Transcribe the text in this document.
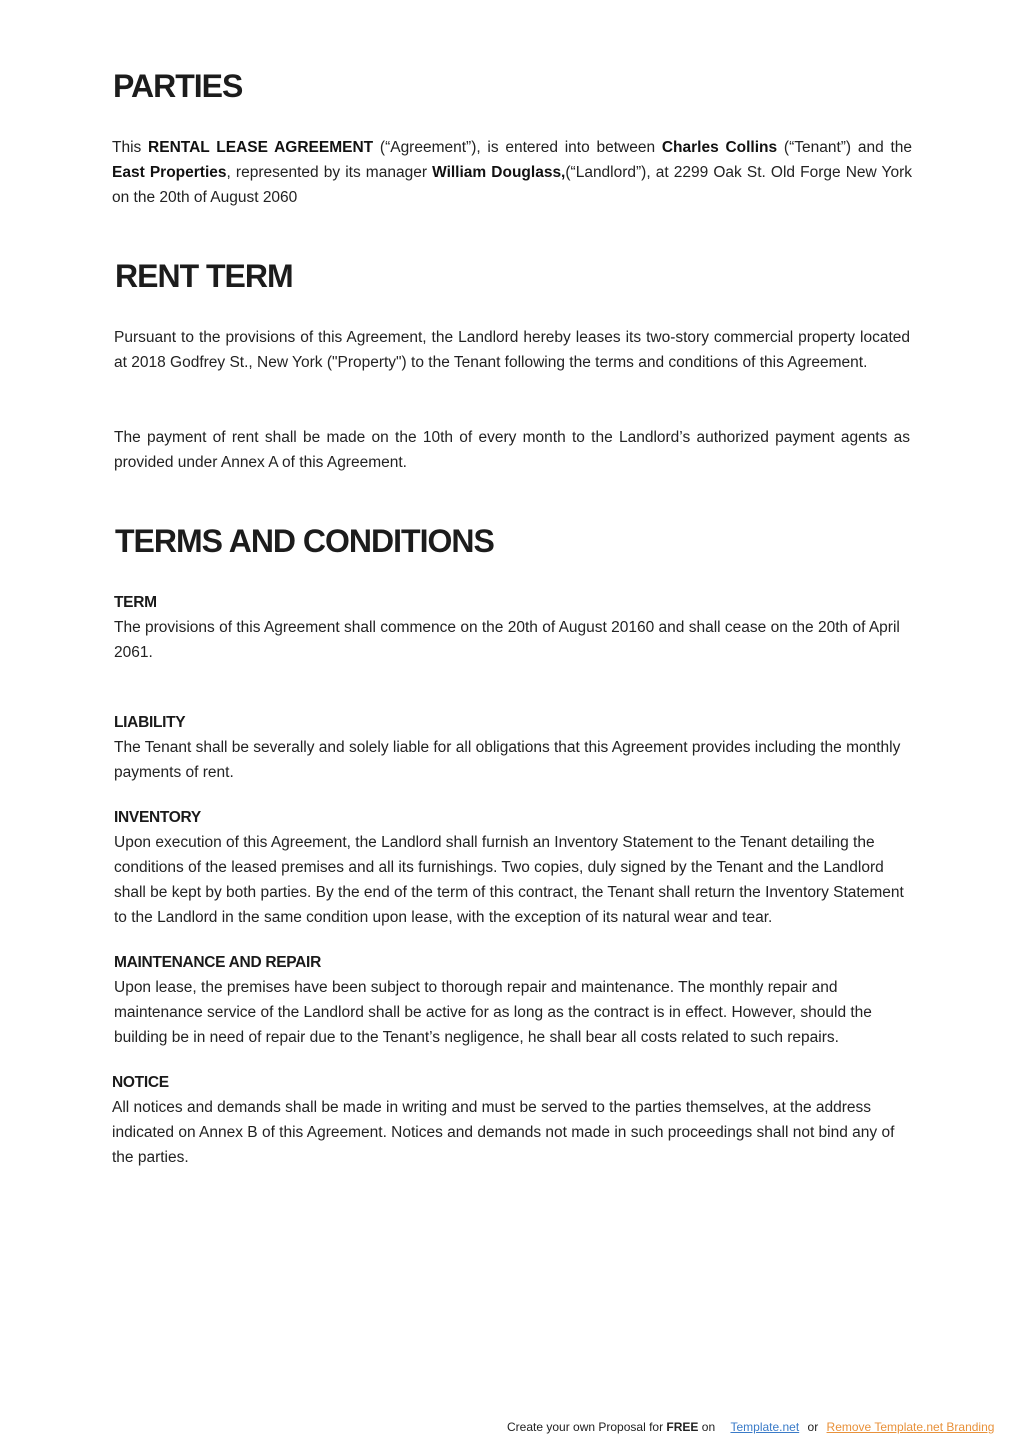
PARTIES

This RENTAL LEASE AGREEMENT (“Agreement”), is entered into between Charles Collins (“Tenant”) and the East Properties, represented by its manager William Douglass,(“Landlord”), at 2299 Oak St. Old Forge New York on the 20th of August 2060

RENT TERM

Pursuant to the provisions of this Agreement, the Landlord hereby leases its two-story commercial property located at 2018 Godfrey St., New York ("Property") to the Tenant following the terms and conditions of this Agreement.

The payment of rent shall be made on the 10th of every month to the Landlord’s authorized payment agents as provided under Annex A of this Agreement.

TERMS AND CONDITIONS
TERM

The provisions of this Agreement shall commence on the 20th of August 20160 and shall cease on the 20th of April 2061.

LIABILITY

The Tenant shall be severally and solely liable for all obligations that this Agreement provides including the monthly payments of rent.

INVENTORY

Upon execution of this Agreement, the Landlord shall furnish an Inventory Statement to the Tenant detailing the conditions of the leased premises and all its furnishings. Two copies, duly signed by the Tenant and the Landlord shall be kept by both parties. By the end of the term of this contract, the Tenant shall return the Inventory Statement to the Landlord in the same condition upon lease, with the exception of its natural wear and tear.

MAINTENANCE AND REPAIR

Upon lease, the premises have been subject to thorough repair and maintenance. The monthly repair and maintenance service of the Landlord shall be active for as long as the contract is in effect. However, should the building be in need of repair due to the Tenant’s negligence, he shall bear all costs related to such repairs.

NOTICE

All notices and demands shall be made in writing and must be served to the parties themselves, at the address indicated on Annex B of this Agreement. Notices and demands not made in such proceedings shall not bind any of the parties.

Create your own Proposal for FREE on Template.net or Remove Template.net Branding
